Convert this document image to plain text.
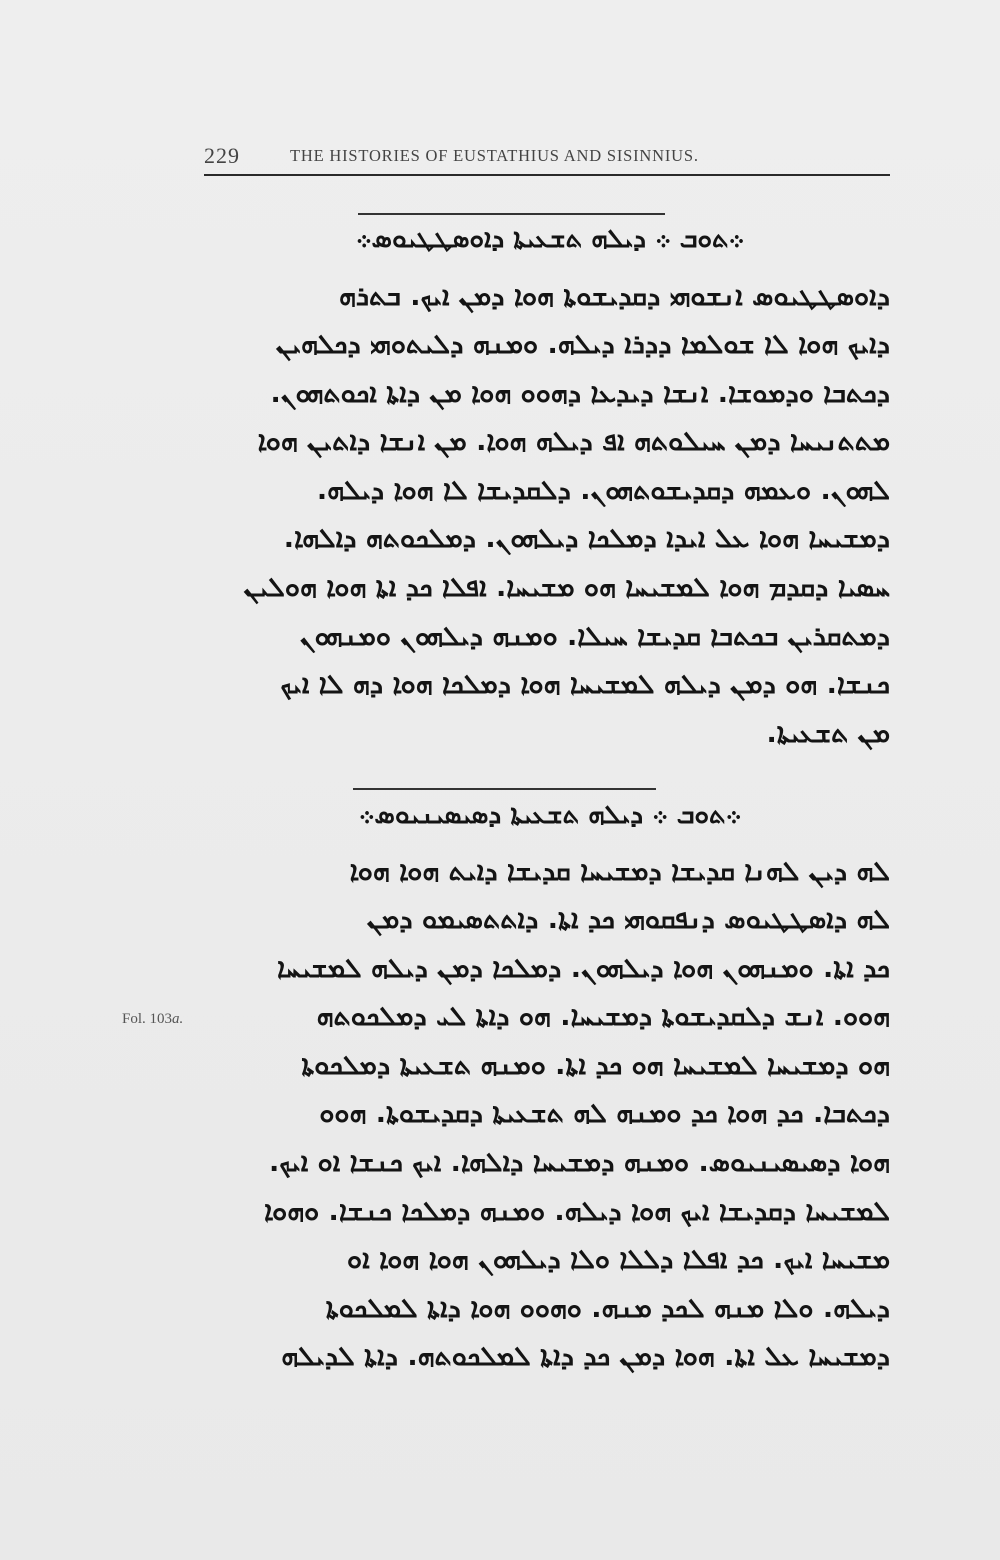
229	THE HISTORIES OF EUSTATHIUS AND SISINNIUS.
܀ܬܘܒ ܀ ܕܝܠܗ ܬܫܥܝܬܐ ܕܐܘܣܛܛܝܘܣ܀
ܕܐܘܣܛܛܝܘܣ ܐܢܫܘܗܝ ܕܩܕܝܫܘܬܐ ܗܘܐ ܕܡܢ ܐܝܟ. ܒܬܪܗ
ܕܐܝܟ ܗܘܐ ܠܐ ܫܘܠܡܐ ܕܕܪܐ ܕܝܠܗ. ܘܡܢܗ ܕܠܝܬܘܗܝ ܕܟܠܗܝܢ
ܕܟܬܒܐ ܘܕܡܘܫܐ. ܐܢܫܐ ܕܝܕܥܐ ܕܗܘܘ ܗܘܐ ܡܢ ܕܐܬܐ ܐܟܘܬܗܘܢ.
ܡܬܬܢܝܚܐ ܕܡܢ ܚܝܠܘܬܗ ܐܦ ܕܝܠܗ ܗܘܐ. ܡܢ ܐܢܫܐ ܕܐܬܝܢ ܗܘܐ
ܠܗܘܢ. ܘܥܡܗ ܕܩܕܝܫܘܬܗܘܢ. ܕܠܩܕܝܫܐ ܠܐ ܗܘܐ ܕܝܠܗ.
ܕܡܫܝܚܐ ܗܘܐ ܥܠ ܐܝܕܐ ܕܡܠܟܐ ܕܝܠܗܘܢ. ܕܡܠܟܘܬܗ ܕܐܠܗܐ.
ܚܣܝܐ ܕܩܕܡ ܗܘܐ ܠܡܫܝܚܐ ܗܘ ܡܫܝܚܐ. ܐܦܠܐ ܟܕ ܐܬܐ ܗܘܐ ܗܘܠܝܢ
ܕܡܬܩܪܝܢ ܒܟܬܒܐ ܩܕܝܫܐ ܚܝܠܐ. ܘܡܢܗ ܕܝܠܗܘܢ ܘܡܢܗܘܢ
ܟܢܫܐ. ܗܘ ܕܡܢ ܕܝܠܗ ܠܡܫܝܚܐ ܗܘܐ ܕܡܠܟܐ ܗܘܐ ܕܗ ܠܐ ܐܝܟ
ܡܢ ܬܫܥܝܬܐ.
܀ܬܘܒ ܀ ܕܝܠܗ ܬܫܥܝܬܐ ܕܣܝܣܝܢܝܘܣ܀
ܠܗ ܕܝܢ ܠܗܢܐ ܩܕܝܫܐ ܕܡܫܝܚܐ ܩܕܝܫܐ ܕܐܝܬ ܗܘܐ ܗܘܐ
ܠܗ ܕܐܣܛܛܝܘܣ ܕܢܦܩܘܗܝ ܟܕ ܐܬܐ. ܕܐܬܬܣܝܡܘ ܕܡܢ
ܟܕ ܐܬܐ. ܘܡܢܗܘܢ ܗܘܐ ܕܝܠܗܘܢ. ܕܡܠܟܐ ܕܡܢ ܕܝܠܗ ܠܡܫܝܚܐ
ܗܘܘ. ܐܢܫ ܕܠܩܕܝܫܘܬܐ ܕܡܫܝܚܐ. ܗܘ ܕܐܬܐ ܠܝ ܕܡܠܟܘܬܗ
ܗܘ ܕܡܫܝܚܐ ܠܡܫܝܚܐ ܗܘ ܟܕ ܐܬܐ. ܘܡܢܗ ܬܫܥܝܬܐ ܕܡܠܟܘܬܐ
ܕܟܬܒܐ. ܟܕ ܗܘܐ ܟܕ ܘܡܢܗ ܠܗ ܬܫܥܝܬܐ ܕܩܕܝܫܘܬܐ. ܗܘܘ
ܗܘܐ ܕܣܝܣܝܢܝܘܣ. ܘܡܢܗ ܕܡܫܝܚܐ ܕܐܠܗܐ. ܐܝܟ ܟܢܫܐ ܐܘ ܐܝܟ.
ܠܡܫܝܚܐ ܕܩܕܝܫܐ ܐܝܟ ܗܘܐ ܕܝܠܗ. ܘܡܢܗ ܕܡܠܟܐ ܟܢܫܐ. ܘܗܘܐ
ܡܫܝܚܐ ܐܝܟ. ܟܕ ܐܦܠܐ ܕܠܠܐ ܘܠܐ ܕܝܠܗܘܢ ܗܘܐ ܗܘܐ ܐܘ
ܕܝܠܗ. ܘܠܐ ܡܢܗ ܠܟܕ ܡܢܗ. ܘܗܘܘ ܗܘܐ ܕܐܬܐ ܠܡܠܟܘܬܐ
ܕܡܫܝܚܐ ܥܠ ܐܬܐ. ܗܘܐ ܕܡܢ ܟܕ ܕܐܬܐ ܠܡܠܟܘܬܗ. ܕܐܬܐ ܠܕܝܠܗ
Fol. 103a.
